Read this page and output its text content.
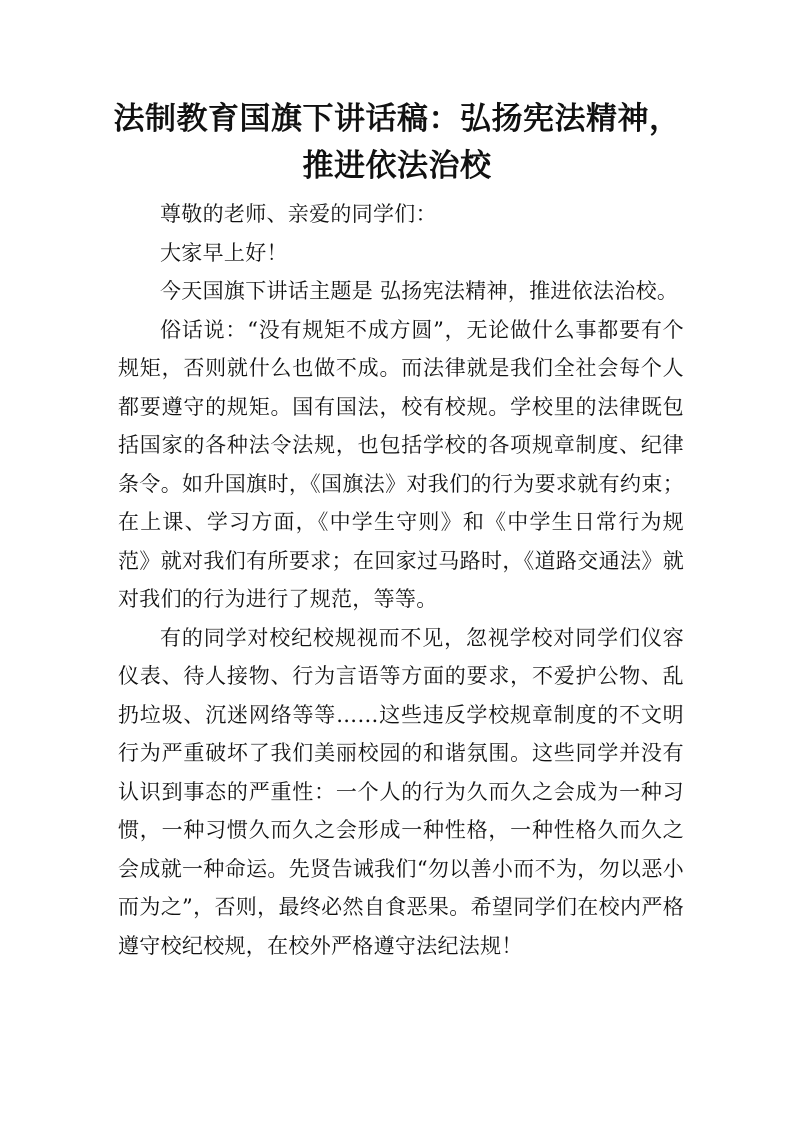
法制教育国旗下讲话稿：弘扬宪法精神，推进依法治校

尊敬的老师、亲爱的同学们：

大家早上好！

今天国旗下讲话主题是 弘扬宪法精神，推进依法治校。

俗话说：“没有规矩不成方圆”，无论做什么事都要有个规矩，否则就什么也做不成。而法律就是我们全社会每个人都要遵守的规矩。国有国法，校有校规。学校里的法律既包括国家的各种法令法规，也包括学校的各项规章制度、纪律条令。如升国旗时，《国旗法》对我们的行为要求就有约束；在上课、学习方面，《中学生守则》和《中学生日常行为规范》就对我们有所要求；在回家过马路时，《道路交通法》就对我们的行为进行了规范，等等。

有的同学对校纪校规视而不见，忽视学校对同学们仪容仪表、待人接物、行为言语等方面的要求，不爱护公物、乱扔垃圾、沉迷网络等等……这些违反学校规章制度的不文明行为严重破坏了我们美丽校园的和谐氛围。这些同学并没有认识到事态的严重性：一个人的行为久而久之会成为一种习惯，一种习惯久而久之会形成一种性格，一种性格久而久之会成就一种命运。先贤告诫我们“勿以善小而不为，勿以恶小而为之”，否则，最终必然自食恶果。希望同学们在校内严格遵守校纪校规，在校外严格遵守法纪法规！
